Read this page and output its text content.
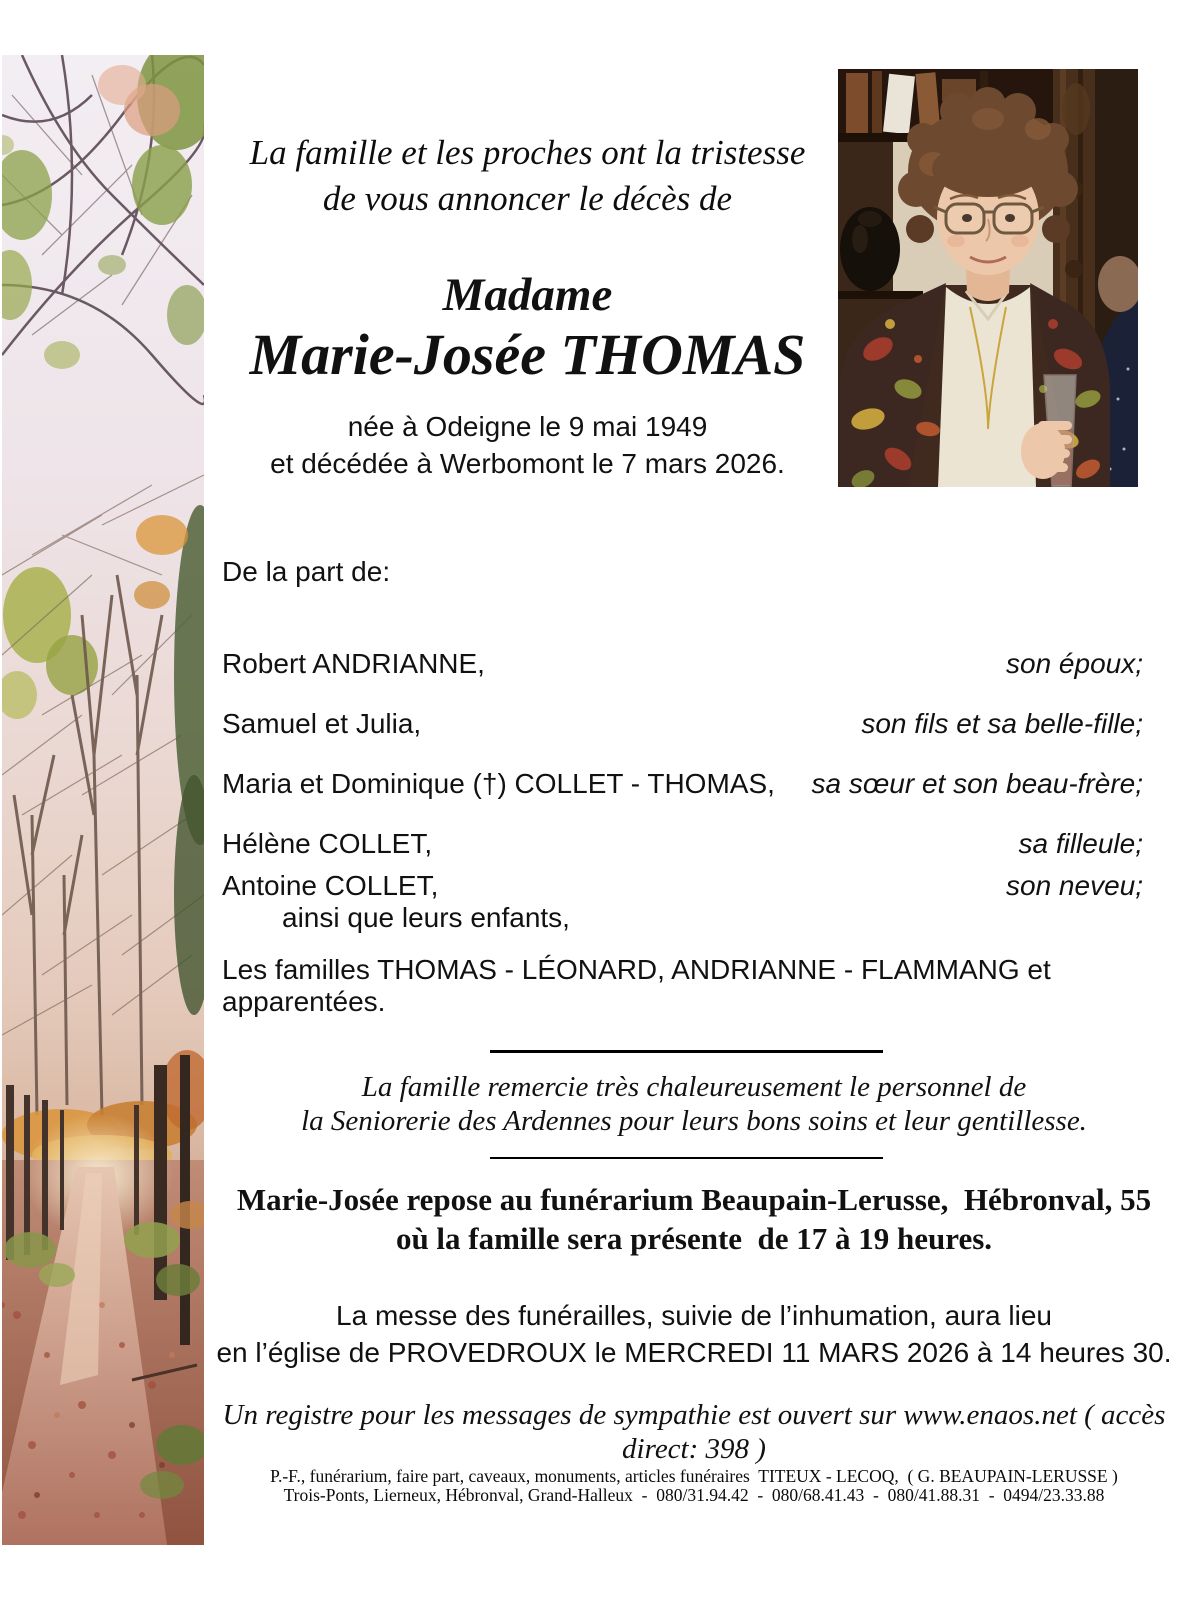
La famille et les proches ont la tristesse
de vous annoncer le décès de
Madame
Marie-Josée THOMAS
née à Odeigne le 9 mai 1949
et décédée à Werbomont le 7 mars 2026.
De la part de:
Robert ANDRIANNE,	son époux;
Samuel et Julia,	son fils et sa belle-fille;
Maria et Dominique (†) COLLET - THOMAS, sa sœur et son beau-frère;
Hélène COLLET,	sa filleule;
Antoine COLLET,	son neveu;
ainsi que leurs enfants,
Les familles THOMAS - LÉONARD, ANDRIANNE - FLAMMANG et apparentées.
La famille remercie très chaleureusement le personnel de
la Seniorerie des Ardennes pour leurs bons soins et leur gentillesse.
Marie-Josée repose au funérarium Beaupain-Lerusse,  Hébronval, 55
où la famille sera présente  de 17 à 19 heures.
La messe des funérailles, suivie de l’inhumation, aura lieu
en l’église de PROVEDROUX le MERCREDI 11 MARS 2026 à 14 heures 30.
Un registre pour les messages de sympathie est ouvert sur www.enaos.net ( accès direct: 398 )
P.-F., funérarium, faire part, caveaux, monuments, articles funéraires  TITEUX - LECOQ,  ( G. BEAUPAIN-LERUSSE )
Trois-Ponts, Lierneux, Hébronval, Grand-Halleux  -  080/31.94.42  -  080/68.41.43  -  080/41.88.31  -  0494/23.33.88
